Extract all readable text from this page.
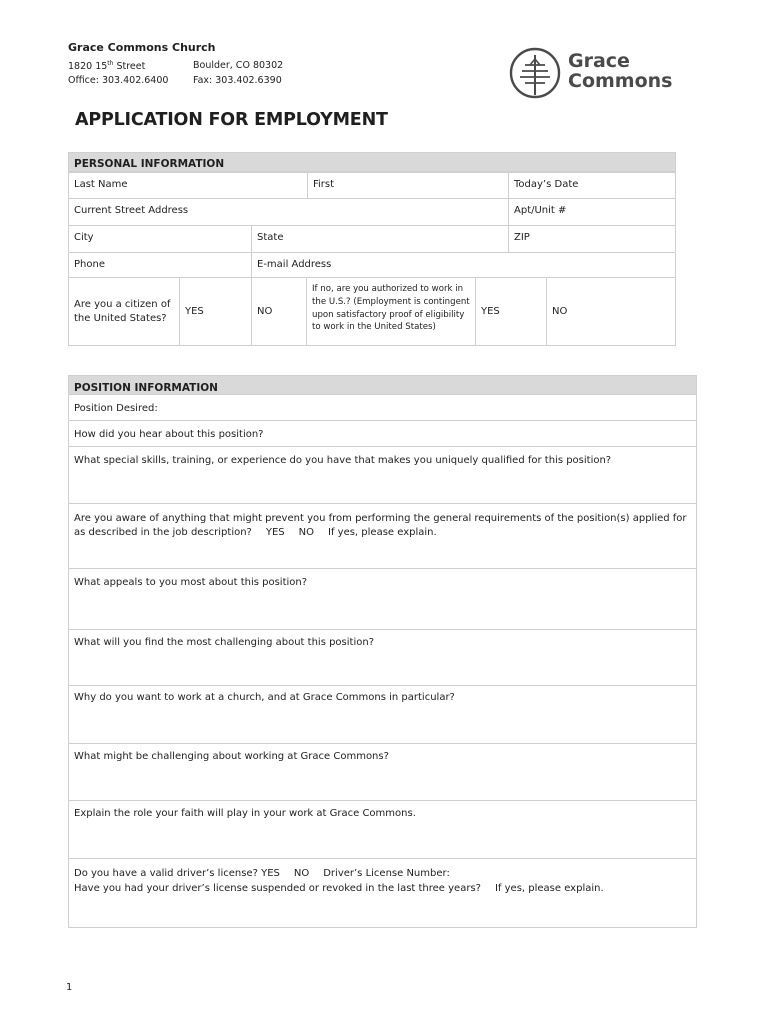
Grace Commons Church
1820 15th Street	Boulder, CO 80302
Office: 303.402.6400	Fax: 303.402.6390
Grace
Commons
APPLICATION FOR EMPLOYMENT
PERSONAL INFORMATION
Last Name	First	Today’s Date
Current Street Address	Apt/Unit #
City	State	ZIP
Phone	E-mail Address
Are you a citizen of the United States?
YES	NO
If no, are you authorized to work in the U.S.? (Employment is contingent upon satisfactory proof of eligibility to work in the United States)
YES	NO
POSITION INFORMATION
Position Desired:
How did you hear about this position?
What special skills, training, or experience do you have that makes you uniquely qualified for this position?
Are you aware of anything that might prevent you from performing the general requirements of the position(s) applied for
as described in the job description? YES NO If yes, please explain.
What appeals to you most about this position?
What will you find the most challenging about this position?
Why do you want to work at a church, and at Grace Commons in particular?
What might be challenging about working at Grace Commons?
Explain the role your faith will play in your work at Grace Commons.
Do you have a valid driver’s license? YES NO Driver’s License Number:
Have you had your driver’s license suspended or revoked in the last three years? If yes, please explain.
1
